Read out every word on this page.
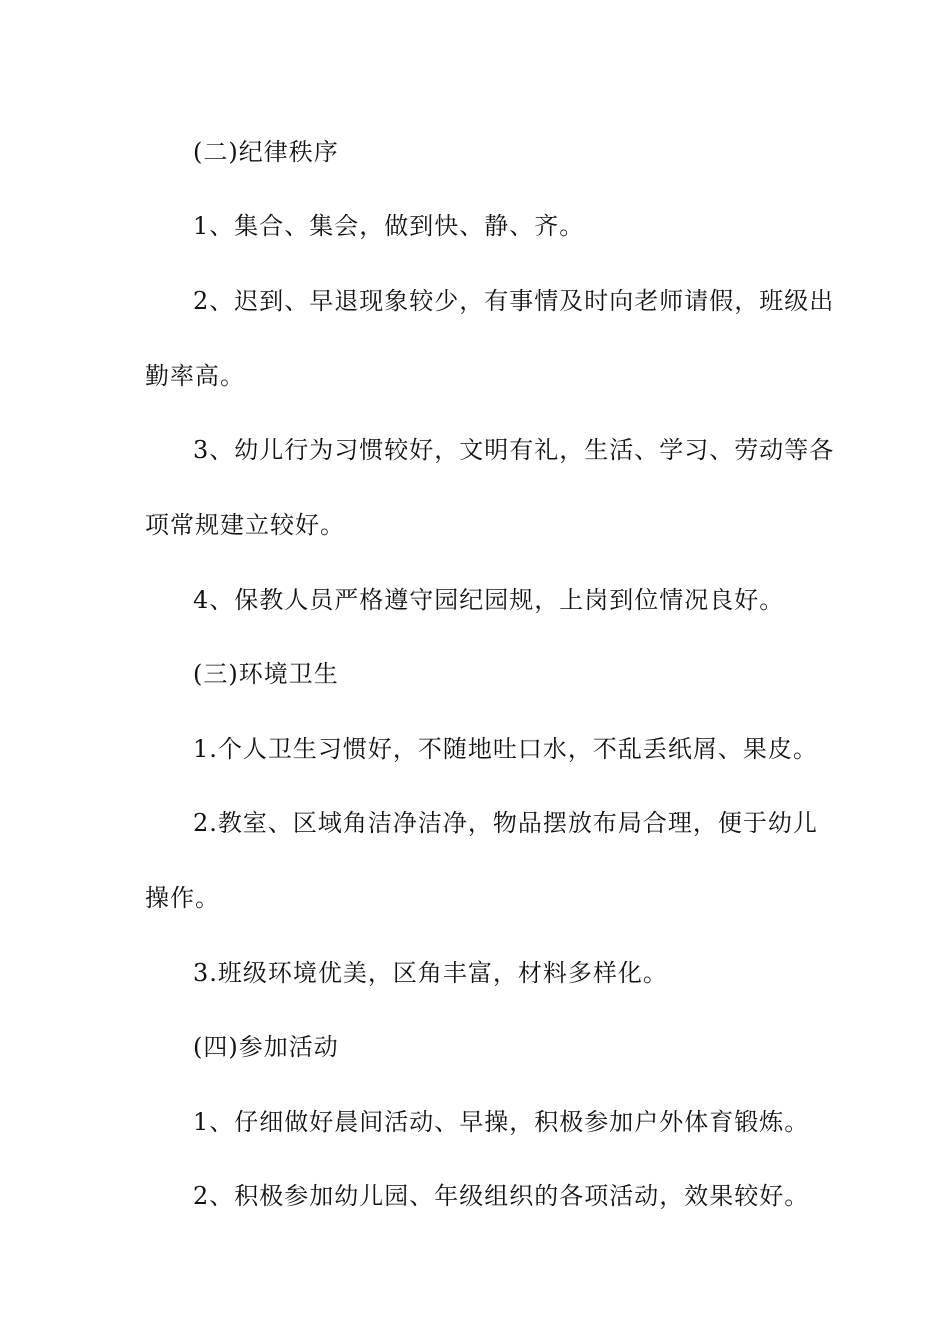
(二)纪律秩序
1、集合、集会，做到快、静、齐。
2、迟到、早退现象较少，有事情及时向老师请假，班级出
勤率高。
3、幼儿行为习惯较好，文明有礼，生活、学习、劳动等各
项常规建立较好。
4、保教人员严格遵守园纪园规，上岗到位情况良好。
(三)环境卫生
1.个人卫生习惯好，不随地吐口水，不乱丢纸屑、果皮。
2.教室、区域角洁净洁净，物品摆放布局合理，便于幼儿
操作。
3.班级环境优美，区角丰富，材料多样化。
(四)参加活动
1、仔细做好晨间活动、早操，积极参加户外体育锻炼。
2、积极参加幼儿园、年级组织的各项活动，效果较好。
